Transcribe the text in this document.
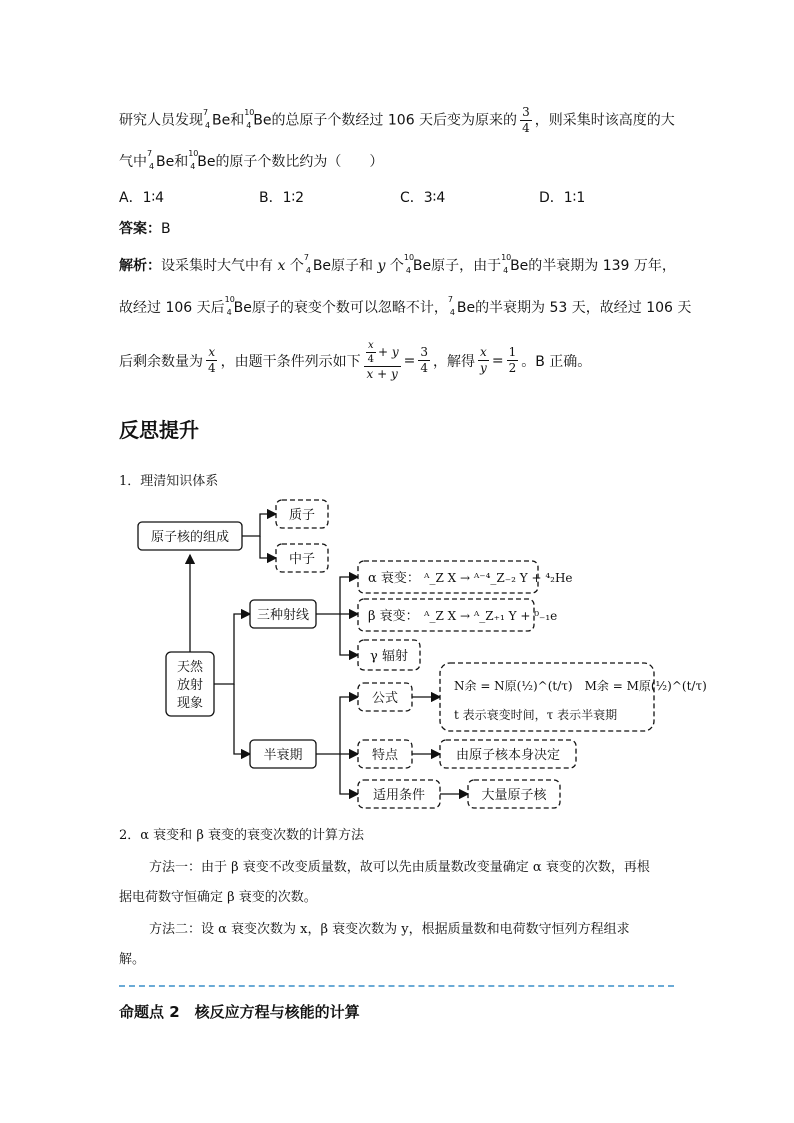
研究人员发现
7
4 Be和
10
4 Be的总原子个数经过 106 天后变为原来的 $\frac{3}{4}$ ，则采集时该高度的大
气中
7
4 Be和
10
4 Be的原子个数比约为（　　）
A．1∶4	B．1∶2	C．3∶4	D．1∶1
答案：B
解析：设采集时大气中有 x 个
7
4 Be原子和 y 个
10
4 Be原子，由于
10
4 Be的半衰期为 139 万年，
故经过 106 天后
10
4 Be原子的衰变个数可以忽略不计，
7
4 Be的半衰期为 53 天，故经过 106 天
后剩余数量为 $\frac{x}{4}$ ，由题干条件列示如下 $\frac{\frac{x}{4} + y}{x + y} = \frac{3}{4}$ ，解得 $\frac{x}{y} = \frac{1}{2}$ 。B 正确。
反思提升
1．理清知识体系
原子核的组成
质子
中子
天然
放射
现象
三种射线
半衰期
α 衰变： ᴬ_Z X → ᴬ⁻⁴_Z₋₂ Y + ⁴₂He
β 衰变： ᴬ_Z X → ᴬ_Z₊₁ Y + ⁰₋₁e
γ 辐射
公式
N余 = N原(½)^(t/τ)　M余 = M原(½)^(t/τ)
t 表示衰变时间，τ 表示半衰期
特点	由原子核本身决定
适用条件	大量原子核
2．α 衰变和 β 衰变的衰变次数的计算方法
方法一：由于 β 衰变不改变质量数，故可以先由质量数改变量确定 α 衰变的次数，再根
据电荷数守恒确定 β 衰变的次数。
方法二：设 α 衰变次数为 x，β 衰变次数为 y，根据质量数和电荷数守恒列方程组求
解。
命题点 2　核反应方程与核能的计算
